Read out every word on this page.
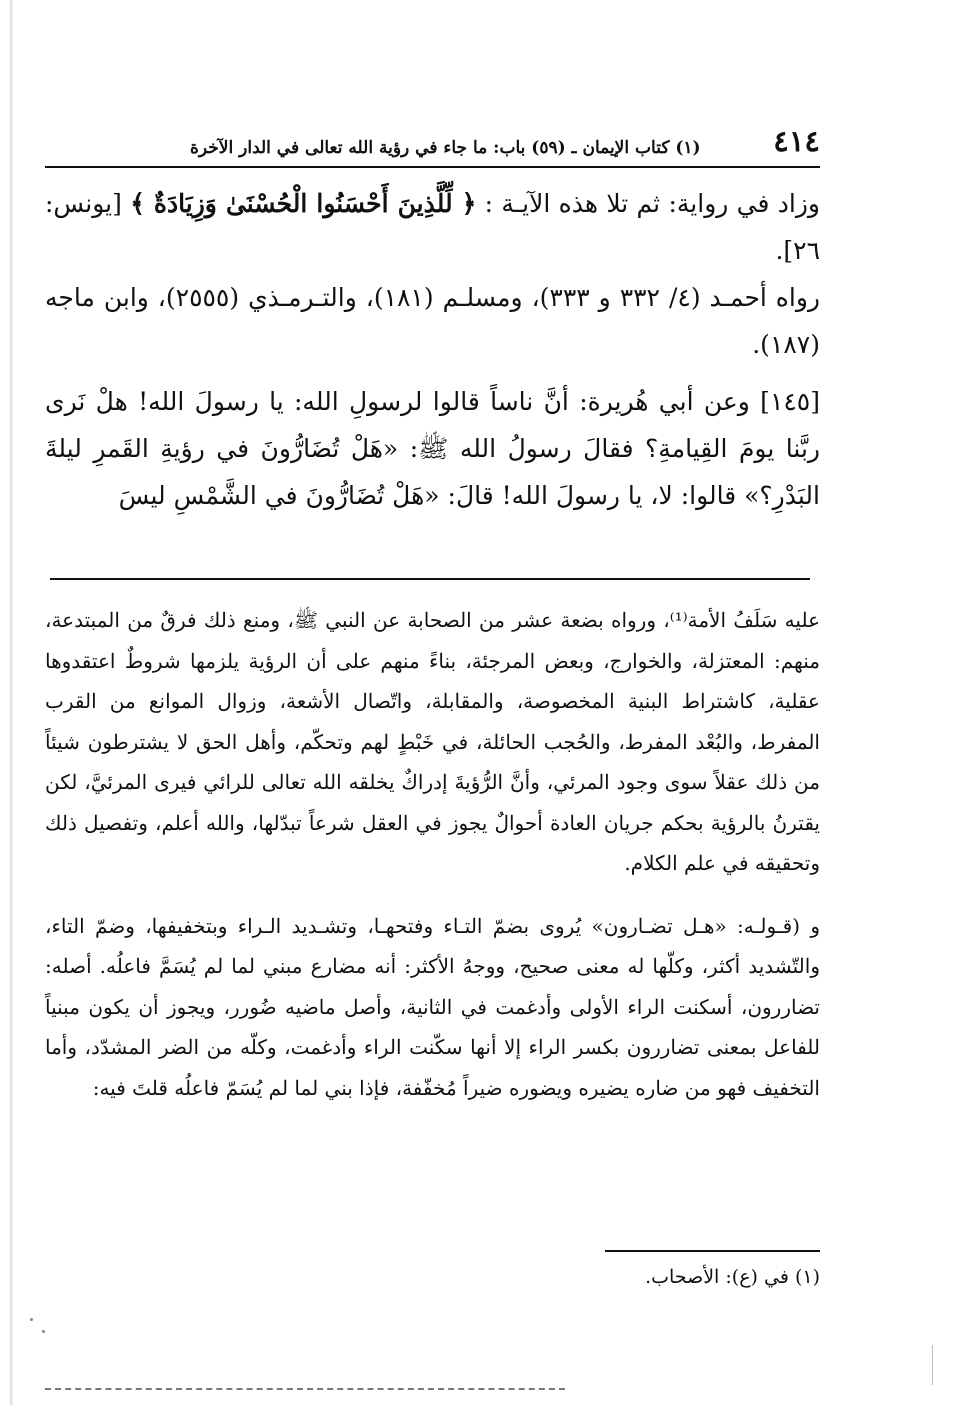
٤١٤
(١) كتاب الإيمان ـ (٥٩) باب: ما جاء في رؤية الله تعالى في الدار الآخرة

وزاد في رواية: ثم تلا هذه الآيـة : ﴿ لِّلَّذِينَ أَحْسَنُوا الْحُسْنَىٰ وَزِيَادَةٌ ﴾ [يونس: ٢٦].

رواه أحمـد (٤/ ٣٣٢ و ٣٣٣)، ومسلـم (١٨١)، والتـرمـذي (٢٥٥٥)، وابن ماجه (١٨٧).

[١٤٥] وعن أبي هُريرة: أنَّ ناساً قالوا لرسولِ الله: يا رسولَ الله! هلْ نَرى ربَّنا يومَ القِيامةِ؟ فقالَ رسولُ الله ﷺ: «هَلْ تُضَارُّونَ في رؤيةِ القَمرِ ليلةَ البَدْرِ؟» قالوا: لا، يا رسولَ الله! قالَ: «هَلْ تُضَارُّونَ في الشَّمْسِ ليسَ

عليه سَلَفُ الأمة⁽¹⁾، ورواه بضعة عشر من الصحابة عن النبي ﷺ، ومنع ذلك فرقٌ من المبتدعة، منهم: المعتزلة، والخوارج، وبعض المرجئة، بناءً منهم على أن الرؤية يلزمها شروطٌ اعتقدوها عقلية، كاشتراط البنية المخصوصة، والمقابلة، واتّصال الأشعة، وزوال الموانع من القرب المفرط، والبُعْد المفرط، والحُجب الحائلة، في خَبْطٍ لهم وتحكّم، وأهل الحق لا يشترطون شيئاً من ذلك عقلاً سوى وجود المرئي، وأنَّ الرُّؤيةَ إدراكٌ يخلقه الله تعالى للرائي فيرى المرئيَّ، لكن يقترنُ بالرؤية بحكم جريان العادة أحوالٌ يجوز في العقل شرعاً تبدّلها، والله أعلم، وتفصيل ذلك وتحقيقه في علم الكلام.

و (قـولـه: «هـل تضـارون» يُروى بضمّ التـاء وفتحهـا، وتشـديد الـراء وبتخفيفها، وضمّ التاء، والتّشديد أكثر، وكلّها له معنى صحيح، ووجهُ الأكثر: أنه مضارع مبني لما لم يُسَمَّ فاعلُه. أصله: تضاررون، أسكنت الراء الأولى وأدغمت في الثانية، وأصل ماضيه ضُورر، ويجوز أن يكون مبنياً للفاعل بمعنى تضاررون بكسر الراء إلا أنها سكّنت الراء وأدغمت، وكلّه من الضر المشدّد، وأما التخفيف فهو من ضاره يضيره ويضوره ضيراً مُخفّفة، فإذا بني لما لم يُسَمّ فاعلُه قلتَ فيه:

(١) في (ع): الأصحاب.
